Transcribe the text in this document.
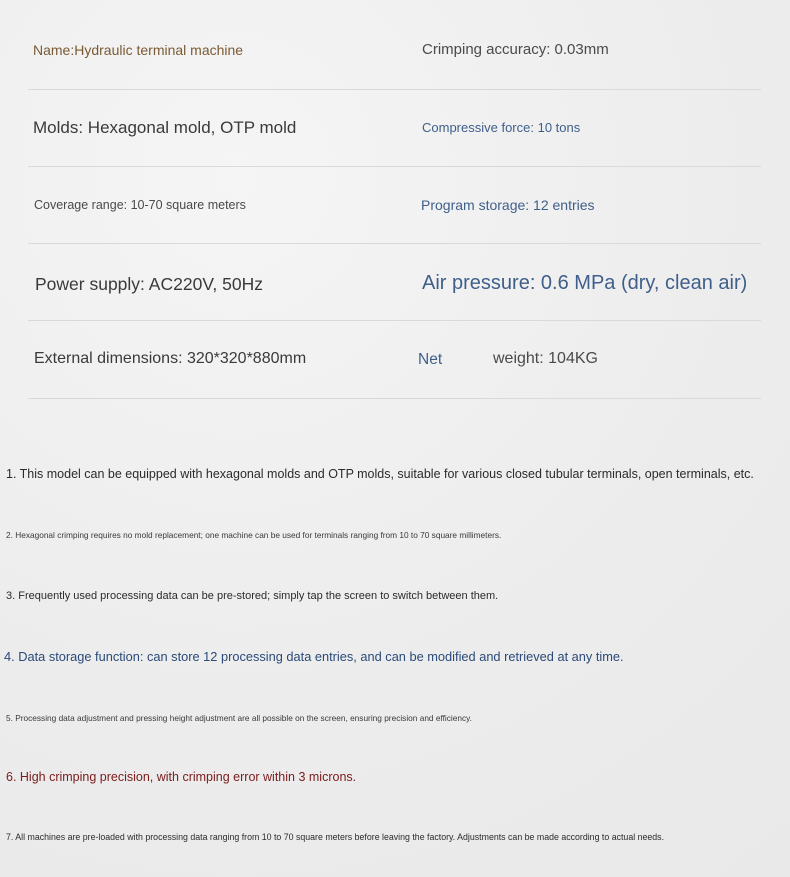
Name:Hydraulic terminal machine	Crimping accuracy: 0.03mm
Molds: Hexagonal mold, OTP mold	Compressive force: 10 tons
Coverage range: 10-70 square meters	Program storage: 12 entries
Power supply: AC220V, 50Hz	Air pressure: 0.6 MPa (dry, clean air)
External dimensions: 320*320*880mm	Net	weight: 104KG
1. This model can be equipped with hexagonal molds and OTP molds, suitable for various closed tubular terminals, open terminals, etc.
2. Hexagonal crimping requires no mold replacement; one machine can be used for terminals ranging from 10 to 70 square millimeters.
3. Frequently used processing data can be pre-stored; simply tap the screen to switch between them.
4. Data storage function: can store 12 processing data entries, and can be modified and retrieved at any time.
5. Processing data adjustment and pressing height adjustment are all possible on the screen, ensuring precision and efficiency.
6. High crimping precision, with crimping error within 3 microns.
7. All machines are pre-loaded with processing data ranging from 10 to 70 square meters before leaving the factory. Adjustments can be made according to actual needs.
